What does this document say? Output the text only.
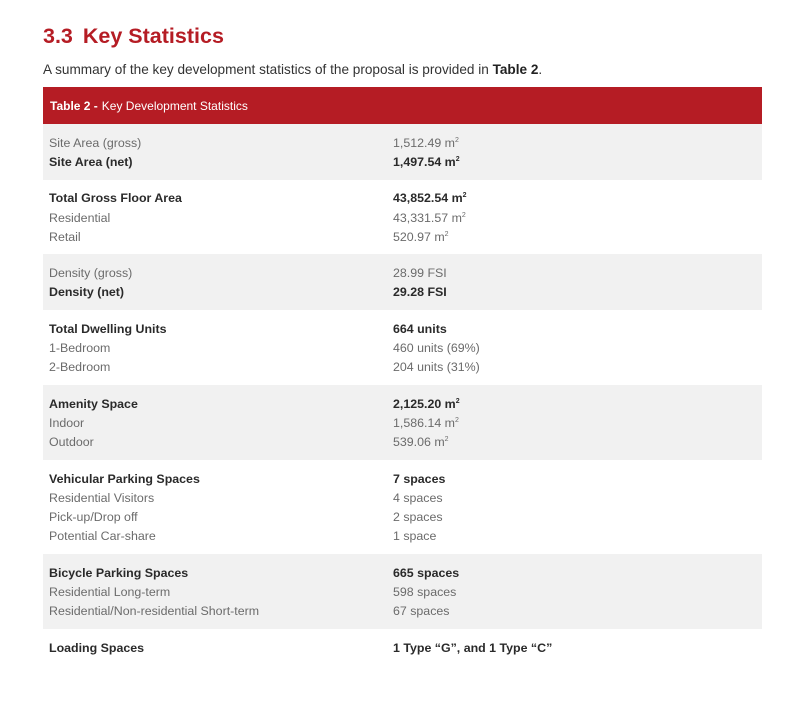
3.3 Key Statistics

A summary of the key development statistics of the proposal is provided in Table 2.

Table 2 - Key Development Statistics
Site Area (gross)	1,512.49 $m^2$
Site Area (net)	1,497.54 $m^2$
Total Gross Floor Area	43,852.54 $m^2$
Residential	43,331.57 $m^2$
Retail	520.97 $m^2$
Density (gross)	28.99 FSI
Density (net)	29.28 FSI
Total Dwelling Units	664 units
1-Bedroom	460 units (69%)
2-Bedroom	204 units (31%)
Amenity Space	2,125.20 $m^2$
Indoor	1,586.14 $m^2$
Outdoor	539.06 $m^2$
Vehicular Parking Spaces	7 spaces
Residential Visitors	4 spaces
Pick-up/Drop off	2 spaces
Potential Car-share	1 space
Bicycle Parking Spaces	665 spaces
Residential Long-term	598 spaces
Residential/Non-residential Short-term	67 spaces
Loading Spaces	1 Type “G”, and 1 Type “C”
